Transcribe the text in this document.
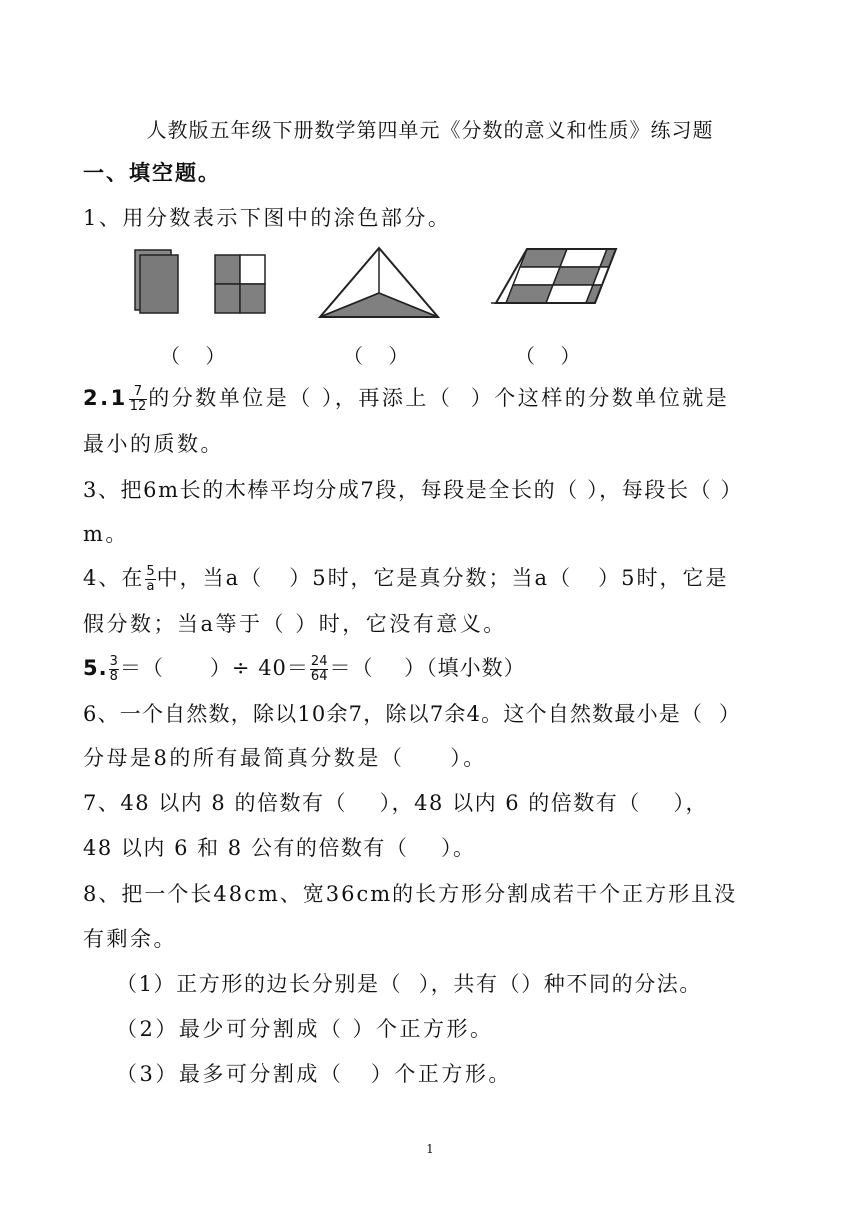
人教版五年级下册数学第四单元《分数的意义和性质》练习题
一、填空题。
1、用分数表示下图中的涂色部分。
（    ）	（    ）	（    ）
$2.1 \frac{7}{12}$ 的分数单位是（ ），再添上（  ）个这样的分数单位就是
最小的质数。
3、把6m长的木棒平均分成7段，每段是全长的（ ），每段长（ ）
m。
4、在 $\frac{5}{a}$ 中，当a（   ）5时，它是真分数；当a（   ）5时，它是
假分数；当a等于（ ）时，它没有意义。
5. $\frac{3}{8}$ ＝（      ）÷ $40= \frac{24}{64}$ ＝（    ）（填小数）
6、一个自然数，除以10余7，除以7余4。这个自然数最小是（  ）
分母是8的所有最简真分数是（     ）。
7、48 以内 8 的倍数有（    ），48 以内 6 的倍数有（    ），
48 以内 6 和 8 公有的倍数有（    ）。
8、把一个长48cm、宽36cm的长方形分割成若干个正方形且没
有剩余。
（1）正方形的边长分别是（  ），共有（）种不同的分法。
（2）最少可分割成（ ）个正方形。
（3）最多可分割成（   ）个正方形。
1
